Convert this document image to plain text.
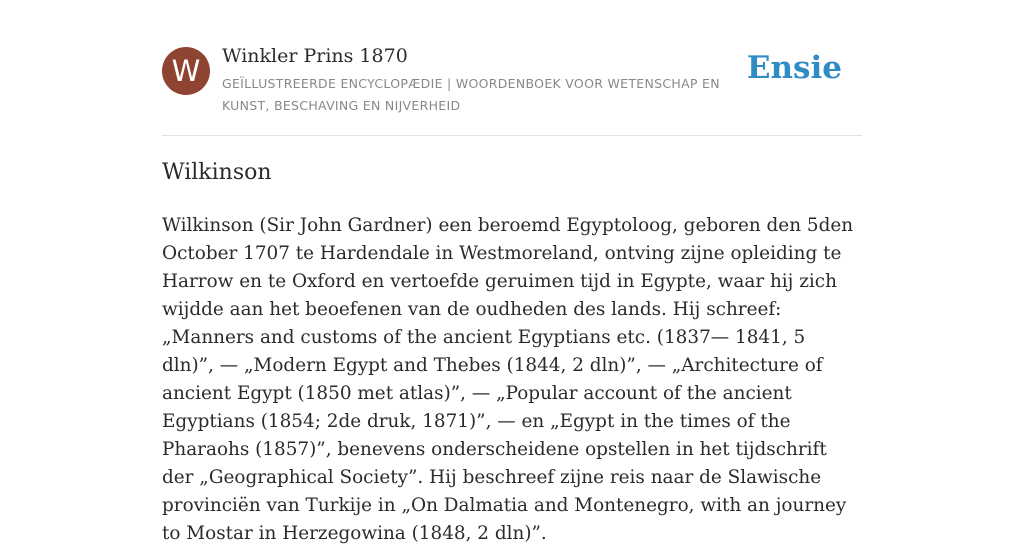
W	Winkler Prins 1870
GEÏLLUSTREERDE ENCYCLOPÆDIE | WOORDENBOEK VOOR WETENSCHAP EN KUNST, BESCHAVING EN NIJVERHEID
Ensie
Wilkinson

Wilkinson (Sir John Gardner) een beroemd Egyptoloog, geboren den 5den October 1707 te Hardendale in Westmoreland, ontving zijne opleiding te Harrow en te Oxford en vertoefde geruimen tijd in Egypte, waar hij zich wijdde aan het beoefenen van de oudheden des lands. Hij schreef: „Manners and customs of the ancient Egyptians etc. (1837— 1841, 5 dln)”, — „Modern Egypt and Thebes (1844, 2 dln)”, — „Architecture of ancient Egypt (1850 met atlas)”, — „Popular account of the ancient Egyptians (1854; 2de druk, 1871)”, — en „Egypt in the times of the Pharaohs (1857)”, benevens onderscheidene opstellen in het tijdschrift der „Geographical Society”. Hij beschreef zijne reis naar de Slawische provinciën van Turkije in „On Dalmatia and Montenegro, with an journey to Mostar in Herzegowina (1848, 2 dln)”.
